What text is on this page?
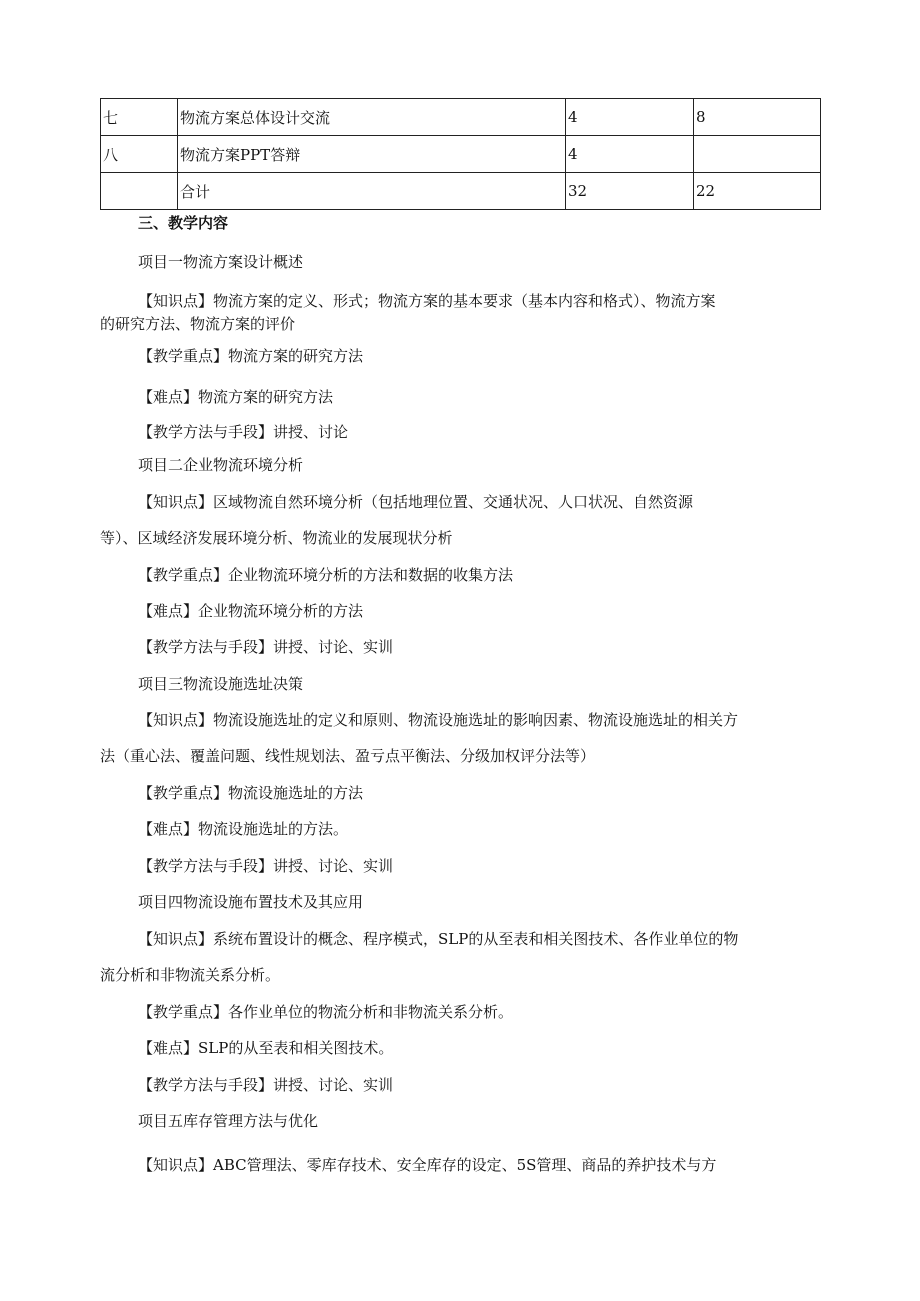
七	物流方案总体设计交流	4	8
八	物流方案PPT答辩	4	
	合计	32	22
三、教学内容
项目一物流方案设计概述
【知识点】物流方案的定义、形式；物流方案的基本要求（基本内容和格式）、物流方案
的研究方法、物流方案的评价
【教学重点】物流方案的研究方法
【难点】物流方案的研究方法
【教学方法与手段】讲授、讨论
项目二企业物流环境分析
【知识点】区域物流自然环境分析（包括地理位置、交通状况、人口状况、自然资源
等）、区域经济发展环境分析、物流业的发展现状分析
【教学重点】企业物流环境分析的方法和数据的收集方法
【难点】企业物流环境分析的方法
【教学方法与手段】讲授、讨论、实训
项目三物流设施选址决策
【知识点】物流设施选址的定义和原则、物流设施选址的影响因素、物流设施选址的相关方
法（重心法、覆盖问题、线性规划法、盈亏点平衡法、分级加权评分法等）
【教学重点】物流设施选址的方法
【难点】物流设施选址的方法。
【教学方法与手段】讲授、讨论、实训
项目四物流设施布置技术及其应用
【知识点】系统布置设计的概念、程序模式，SLP的从至表和相关图技术、各作业单位的物
流分析和非物流关系分析。
【教学重点】各作业单位的物流分析和非物流关系分析。
【难点】SLP的从至表和相关图技术。
【教学方法与手段】讲授、讨论、实训
项目五库存管理方法与优化
【知识点】ABC管理法、零库存技术、安全库存的设定、5S管理、商品的养护技术与方
